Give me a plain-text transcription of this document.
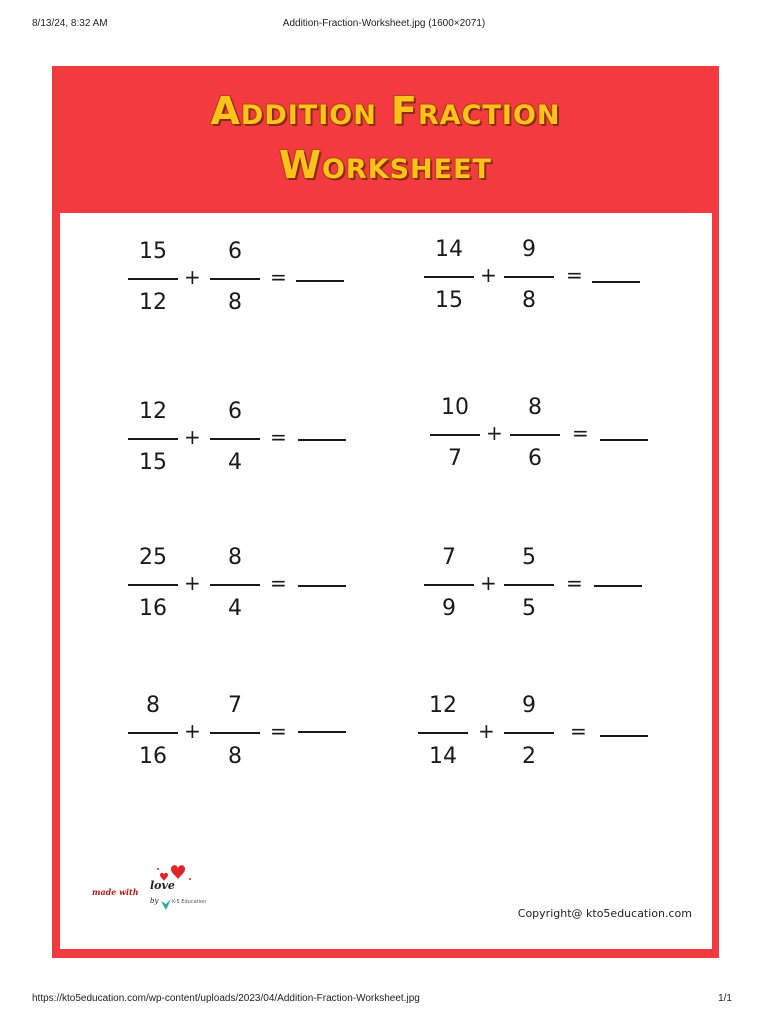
8/13/24, 8:32 AM	Addition-Fraction-Worksheet.jpg (1600×2071)
Addition Fraction
Worksheet
15
12
+
6
8
=
14
15
+
9
8
=
12
15
+
6
4
=
10
7
+
8
6
=
25
16
+
8
4
=
7
9
+
5
5
=
8
16
+
7
8
=
12
14
+
9
2
=
made with love
by	K-5 Education
Copyright@ kto5education.com
https://kto5education.com/wp-content/uploads/2023/04/Addition-Fraction-Worksheet.jpg	1/1
